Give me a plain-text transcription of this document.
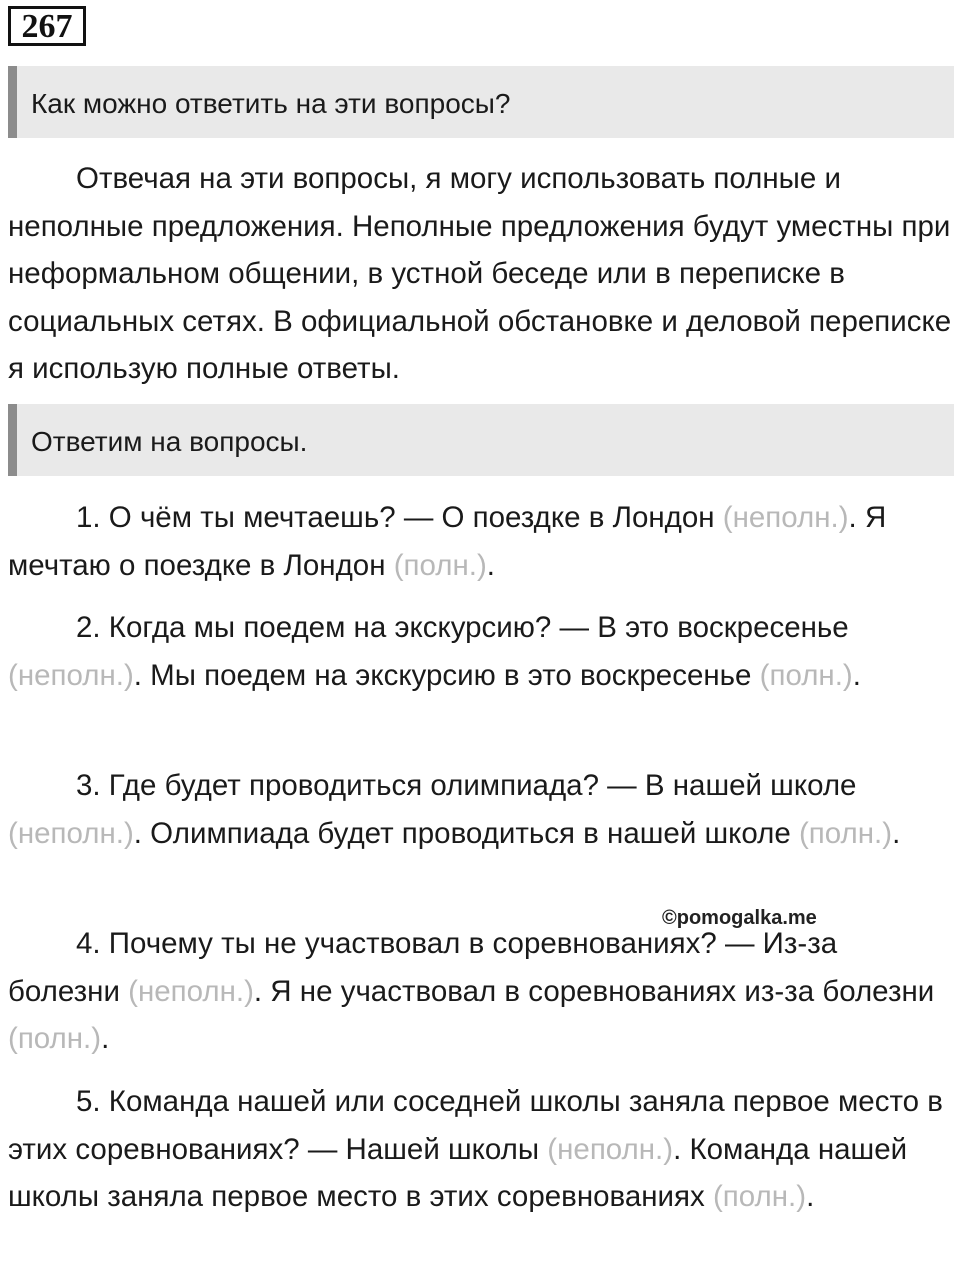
267
Как можно ответить на эти вопросы?

Отвечая на эти вопросы, я могу использовать полные и неполные предложения. Неполные предложения будут уместны при неформальном общении, в устной беседе или в переписке в социальных сетях. В официальной обстановке и деловой переписке я использую полные ответы.

Ответим на вопросы.

1. О чём ты мечтаешь? — О поездке в Лондон (неполн.). Я мечтаю о поездке в Лондон (полн.).

2. Когда мы поедем на экскурсию? — В это воскресенье (неполн.). Мы поедем на экскурсию в это воскресенье (полн.).

3. Где будет проводиться олимпиада? — В нашей школе (неполн.). Олимпиада будет проводиться в нашей школе (полн.).

©pomogalka.me

4. Почему ты не участвовал в соревнованиях? — Из-за болезни (неполн.). Я не участвовал в соревнованиях из-за болезни (полн.).

5. Команда нашей или соседней школы заняла первое место в этих соревнованиях? — Нашей школы (неполн.). Команда нашей школы заняла первое место в этих соревнованиях (полн.).
